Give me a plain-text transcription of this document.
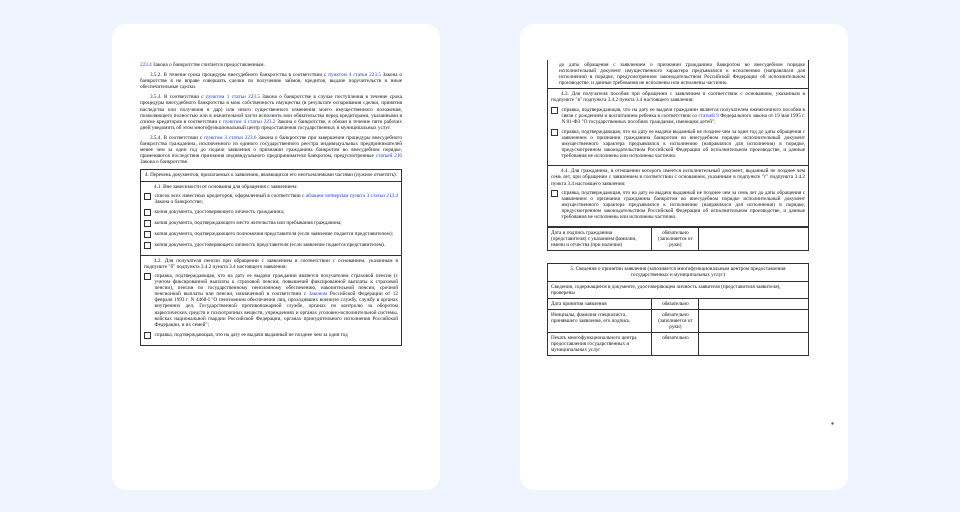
223.4 Закона о банкротстве считается предоставленным.

3.5.2. В течение срока процедуры внесудебного банкротства в соответствии с пунктом 4 статьи 223.5 Закона о банкротстве я не вправе совершать сделки по получению займов, кредитов, выдаче поручительств и иные обеспечительные сделки.

3.5.3. В соответствии с пунктом 1 статьи 223.5 Закона о банкротстве в случае поступления в течение срока процедуры внесудебного банкротства в мою собственность имущества (в результате оспаривания сделки, принятия наследства или получения в дар) или иного существенного изменения моего имущественного положения, позволяющего полностью или в значительной части исполнить мои обязательства перед кредиторами, указанными в списке кредиторов в соответствии с пунктом 4 статьи 223.2 Закона о банкротстве, я обязан в течение пяти рабочих дней уведомить об этом многофункциональный центр предоставления государственных и муниципальных услуг.

3.5.4. В соответствии с пунктом 3 статьи 223.6 Закона о банкротстве при завершении процедуры внесудебного банкротства гражданина, исключенного из единого государственного реестра индивидуальных предпринимателей менее чем за один год до подачи заявления о признании гражданина банкротом во внесудебном порядке, применяются последствия признания индивидуального предпринимателя банкротом, предусмотренные статьей 216 Закона о банкротстве.

4. Перечень документов, прилагаемых к заявлению, являющихся его неотъемлемыми частями (нужное отметить):

4.1. Вне зависимости от основания для обращения с заявлением:

список всех известных кредиторов, оформленный в соответствии с абзацем четвертым пункта 3 статьи 213.4 Закона о банкротстве;

копия документа, удостоверяющего личность гражданина;

копия документа, подтверждающего место жительства или пребывания гражданина;

копия документа, подтверждающего полномочия представителя (если заявление подается представителем);

копия документа, удостоверяющего личность представителя (если заявление подается представителем).

4.2. Для получателя пенсии при обращении с заявлением в соответствии с основанием, указанным в подпункте "б" подпункта 3.4.2 пункта 3.4 настоящего заявления:

справка, подтверждающая, что на дату ее выдачи гражданин является получателем страховой пенсии (с учетом фиксированной выплаты к страховой пенсии, повышений фиксированной выплаты к страховой пенсии), пенсии по государственному пенсионному обеспечению, накопительной пенсии, срочной пенсионной выплаты или пенсии, назначенной в соответствии с Законом Российской Федерации от 12 февраля 1993 г. N 4468-I "О пенсионном обеспечении лиц, проходивших военную службу, службу в органах внутренних дел, Государственной противопожарной службе, органах по контролю за оборотом наркотических средств и психотропных веществ, учреждениях и органах уголовно-исполнительной системы, войсках национальной гвардии Российской Федерации, органах принудительного исполнения Российской Федерации, и их семей";

справка, подтверждающая, что на дату ее выдачи выданный не позднее чем за один год

до даты обращения с заявлением о признании гражданина банкротом во внесудебном порядке исполнительный документ имущественного характера предъявлялся к исполнению (направлялся для исполнения) в порядке, предусмотренном законодательством Российской Федерации об исполнительном производстве, и данные требования не исполнены или исполнены частично.

4.3. Для получателя пособия при обращении с заявлением в соответствии с основанием, указанным в подпункте "в" подпункта 3.4.2 пункта 3.4 настоящего заявления:

справка, подтверждающая, что на дату ее выдачи гражданин является получателем ежемесячного пособия в связи с рождением и воспитанием ребенка в соответствии со статьей 9 Федерального закона от 19 мая 1995 г. N 81-ФЗ "О государственных пособиях гражданам, имеющим детей";

справка, подтверждающая, что на дату ее выдачи выданный не позднее чем за один год до даты обращения с заявлением о признании гражданина банкротом во внесудебном порядке исполнительный документ имущественного характера предъявлялся к исполнению (направлялся для исполнения) в порядке, предусмотренном законодательством Российской Федерации об исполнительном производстве, и данные требования не исполнены или исполнены частично.

4.4. Для гражданина, в отношении которого имеется исполнительный документ, выданный не позднее чем семь лет, при обращении с заявлением в соответствии с основанием, указанным в подпункте "г" подпункта 3.4.2 пункта 3.4 настоящего заявления:

справка, подтверждающая, что на дату ее выдачи выданный не позднее чем за семь лет до даты обращения с заявлением о признании гражданина банкротом во внесудебном порядке исполнительный документ имущественного характера предъявлялся к исполнению (направлялся для исполнения) в порядке, предусмотренном законодательством Российской Федерации об исполнительном производстве, и данные требования не исполнены или исполнены частично.

Дата и подпись гражданина (представителя) с указанием фамилии, имени и отчества (при наличии)	обязательно (заполняется от руки)	
5. Сведения о принятии заявления (заполняется многофункциональным центром предоставления государственных и муниципальных услуг)		
Сведения, содержащиеся в документе, удостоверяющем личность заявителя (представителя заявителя), проверены		
Дата принятия заявления	обязательно	
Инициалы, фамилия специалиста, принявшего заявление, его подпись	обязательно (заполняется от руки)	
Печать многофункционального центра предоставления государственных и муниципальных услуг	обязательно	
